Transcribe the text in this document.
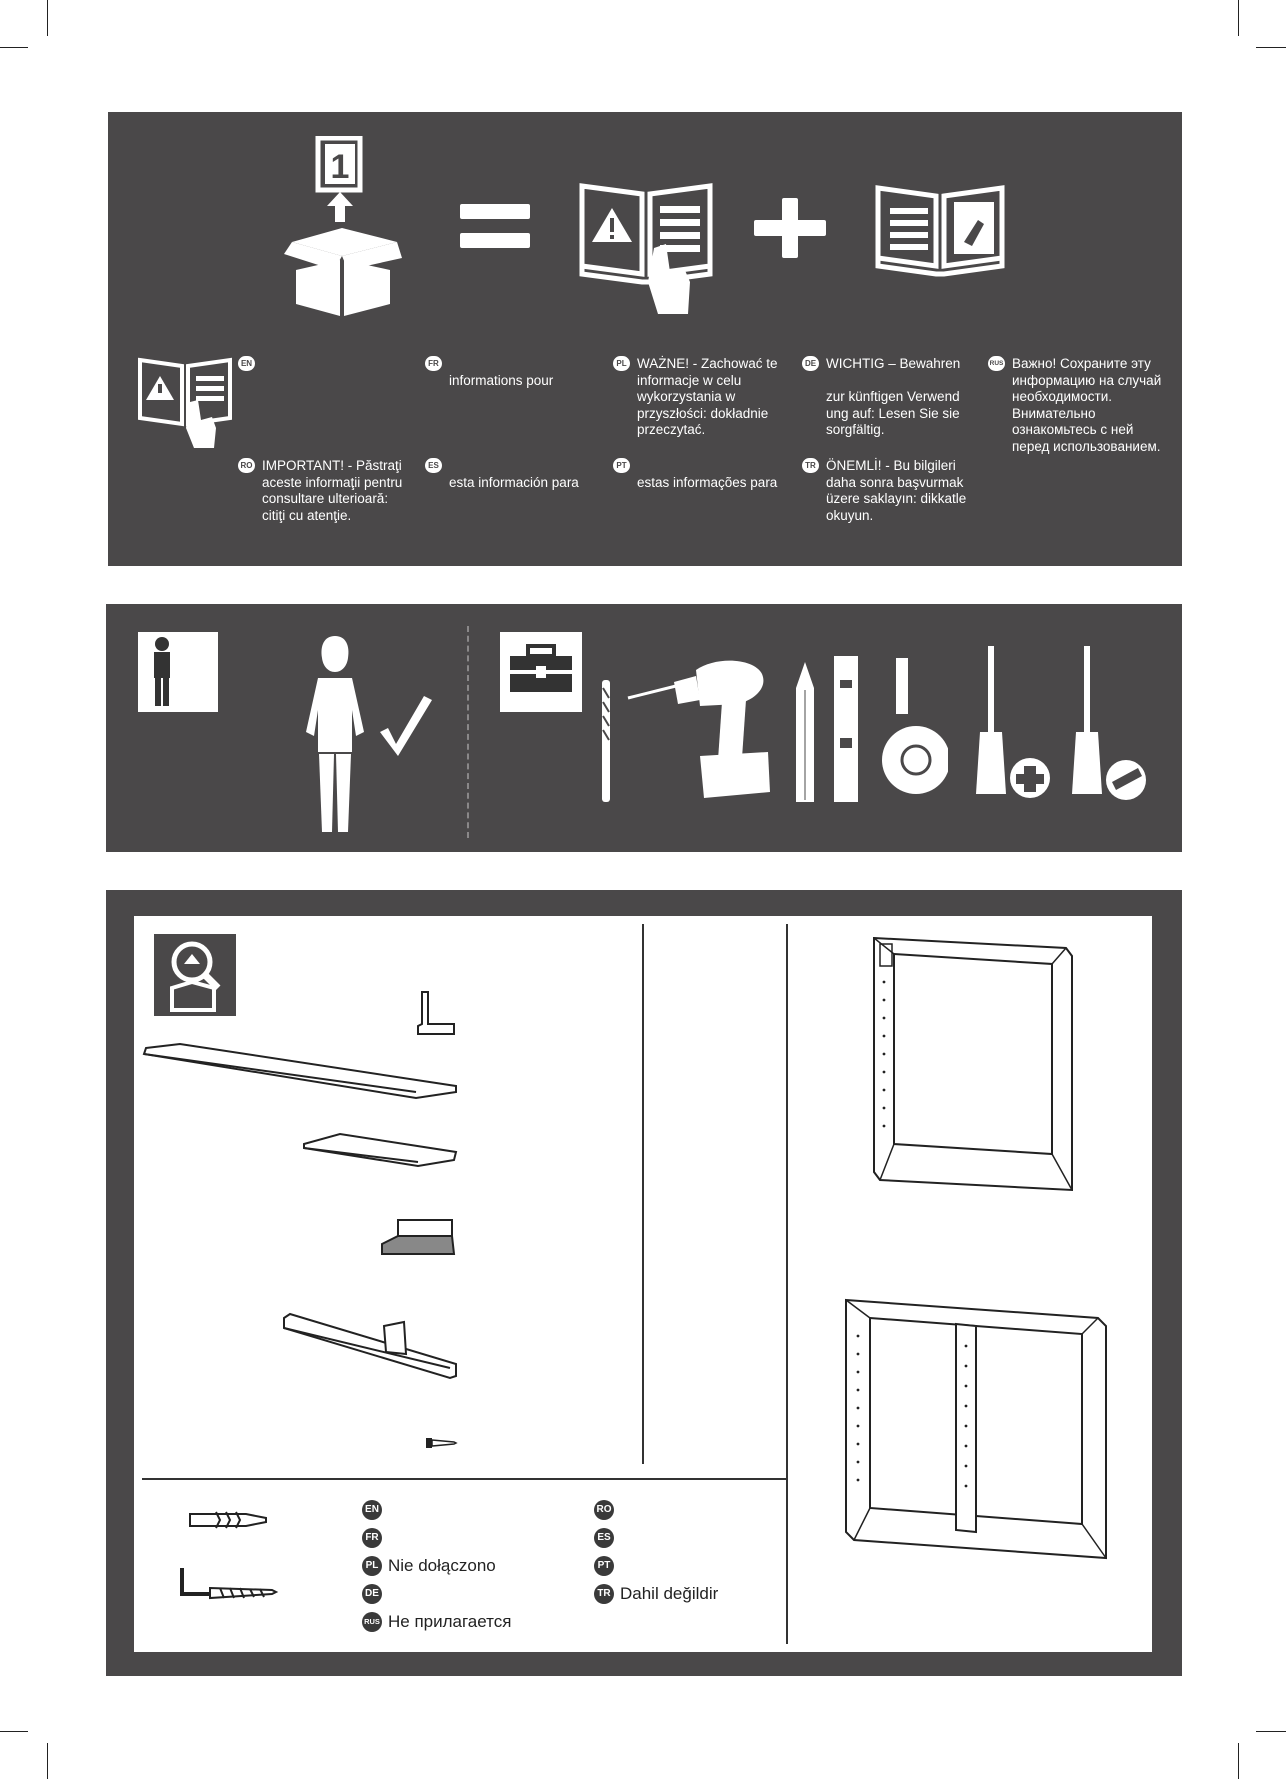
1
EN	FR

informations pour
PL WAŻNE! - Zachować te
informacje w celu
wykorzystania w
przyszłości: dokładnie
przeczytać.
DE WICHTIG – Bewahren

zur künftigen Verwend
ung auf: Lesen Sie sie
sorgfältig.
RUS Важно! Сохраните эту
информацию на случай
необходимости.
Внимательно
ознакомьтесь с ней
перед использованием.
RO IMPORTANT! - Păstraţi
aceste informaţii pentru
consultare ulterioară:
citiţi cu atenţie.
ES

esta información para
PT

estas informações para
TR ÖNEMLİ! - Bu bilgileri
daha sonra başvurmak
üzere saklayın: dikkatle
okuyun.
EN
FR
PL Nie dołączono
DE
RUS Не прилагается
RO
ES
PT
TR Dahil değildir
